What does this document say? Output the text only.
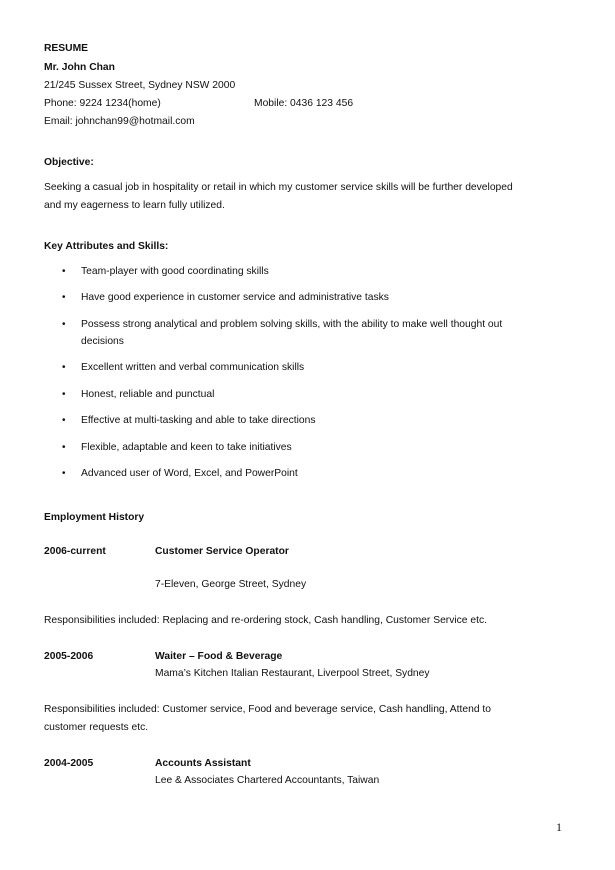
RESUME
Mr. John Chan
21/245 Sussex Street, Sydney NSW 2000
Phone: 9224 1234(home)	Mobile: 0436 123 456
Email: johnchan99@hotmail.com
Objective:
Seeking a casual job in hospitality or retail in which my customer service skills will be further developed
and my eagerness to learn fully utilized.
Key Attributes and Skills:
• Team-player with good coordinating skills
• Have good experience in customer service and administrative tasks
• Possess strong analytical and problem solving skills, with the ability to make well thought out
decisions
• Excellent written and verbal communication skills
• Honest, reliable and punctual
• Effective at multi-tasking and able to take directions
• Flexible, adaptable and keen to take initiatives
• Advanced user of Word, Excel, and PowerPoint
Employment History
2006-current	Customer Service Operator
7-Eleven, George Street, Sydney
Responsibilities included: Replacing and re-ordering stock, Cash handling, Customer Service etc.
2005-2006	Waiter – Food & Beverage
Mama’s Kitchen Italian Restaurant, Liverpool Street, Sydney
Responsibilities included: Customer service, Food and beverage service, Cash handling, Attend to
customer requests etc.
2004-2005	Accounts Assistant
Lee & Associates Chartered Accountants, Taiwan
1
